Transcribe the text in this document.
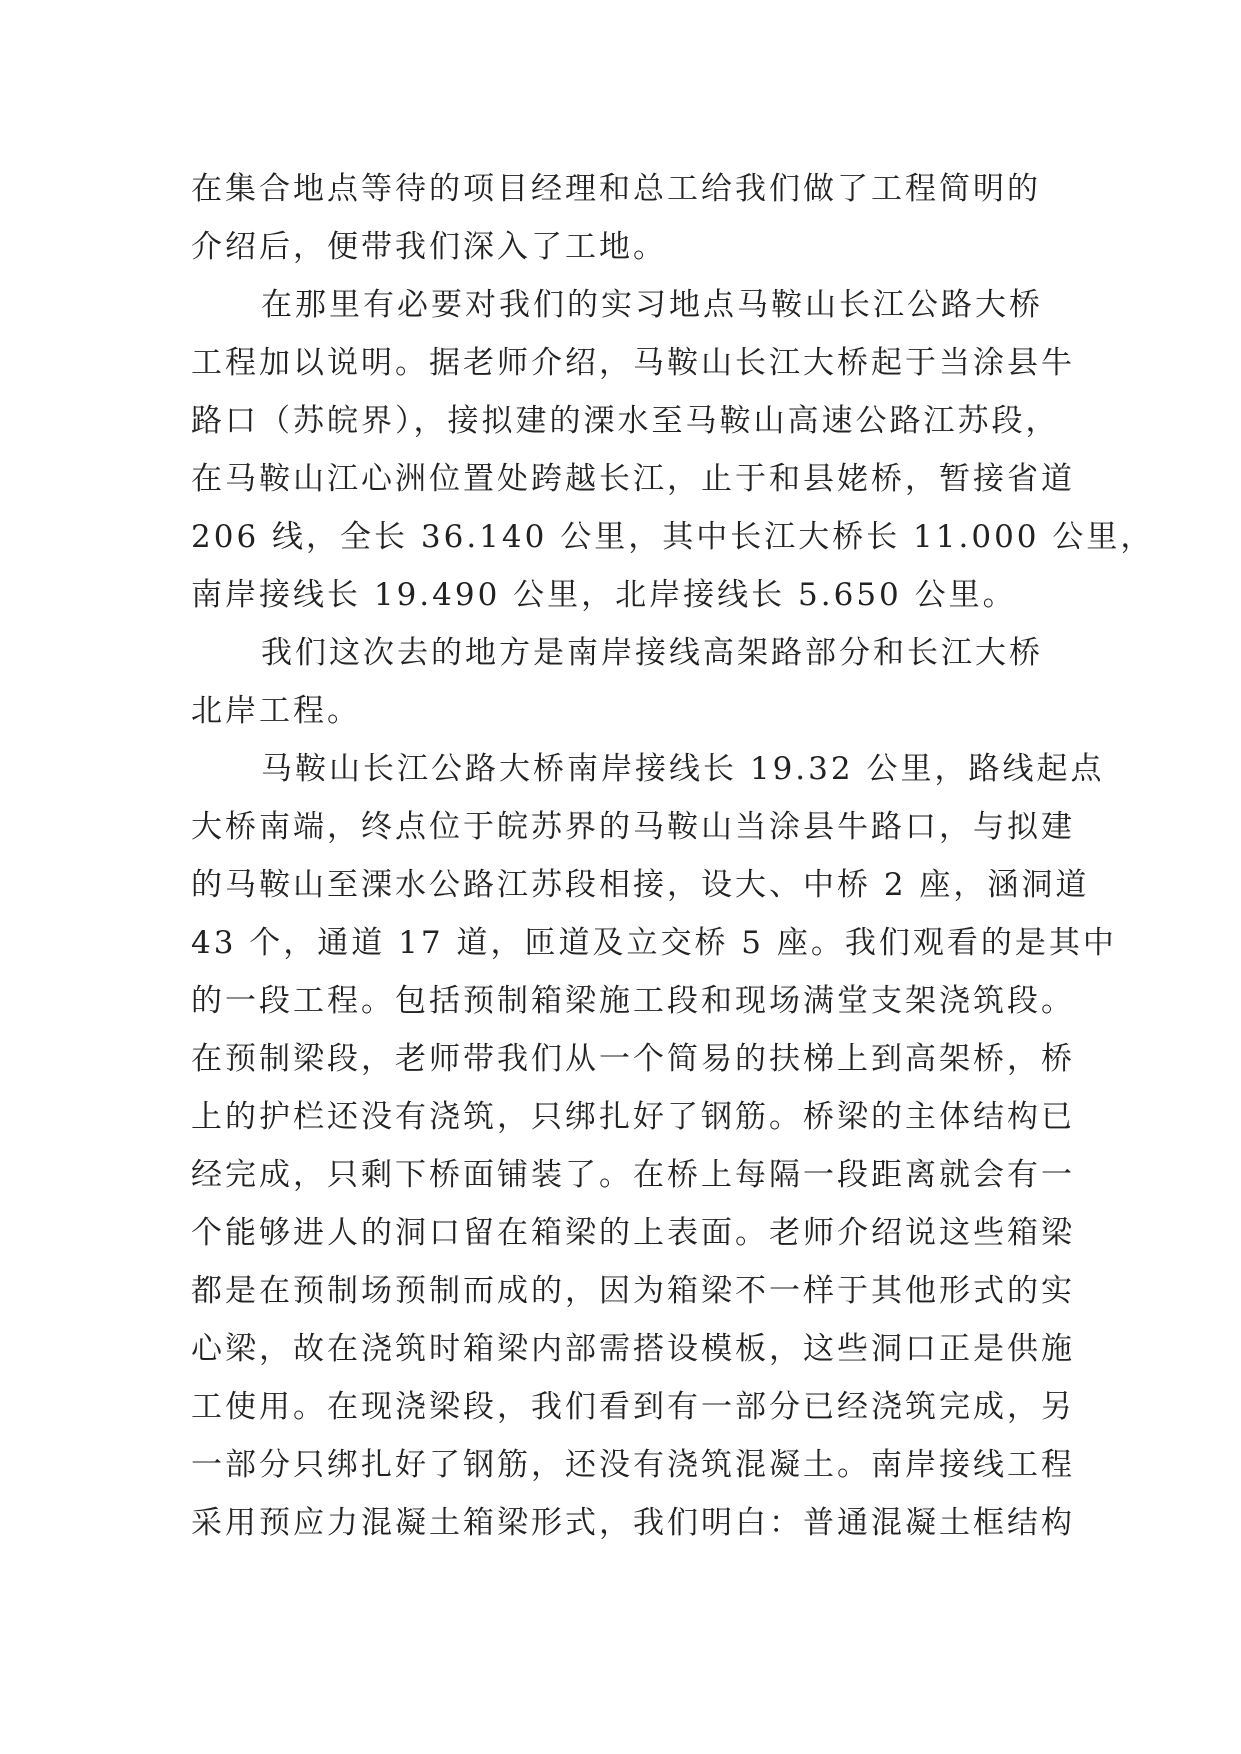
在集合地点等待的项目经理和总工给我们做了工程简明的
介绍后，便带我们深入了工地。
在那里有必要对我们的实习地点马鞍山长江公路大桥
工程加以说明。据老师介绍，马鞍山长江大桥起于当涂县牛
路口（苏皖界），接拟建的溧水至马鞍山高速公路江苏段，
在马鞍山江心洲位置处跨越长江，止于和县姥桥，暂接省道
206 线，全长 36.140 公里，其中长江大桥长 11.000 公里，
南岸接线长 19.490 公里，北岸接线长 5.650 公里。
我们这次去的地方是南岸接线高架路部分和长江大桥
北岸工程。
马鞍山长江公路大桥南岸接线长 19.32 公里，路线起点
大桥南端，终点位于皖苏界的马鞍山当涂县牛路口，与拟建
的马鞍山至溧水公路江苏段相接，设大、中桥 2 座，涵洞道
43 个，通道 17 道，匝道及立交桥 5 座。我们观看的是其中
的一段工程。包括预制箱梁施工段和现场满堂支架浇筑段。
在预制梁段，老师带我们从一个简易的扶梯上到高架桥，桥
上的护栏还没有浇筑，只绑扎好了钢筋。桥梁的主体结构已
经完成，只剩下桥面铺装了。在桥上每隔一段距离就会有一
个能够进人的洞口留在箱梁的上表面。老师介绍说这些箱梁
都是在预制场预制而成的，因为箱梁不一样于其他形式的实
心梁，故在浇筑时箱梁内部需搭设模板，这些洞口正是供施
工使用。在现浇梁段，我们看到有一部分已经浇筑完成，另
一部分只绑扎好了钢筋，还没有浇筑混凝土。南岸接线工程
采用预应力混凝土箱梁形式，我们明白：普通混凝土框结构
